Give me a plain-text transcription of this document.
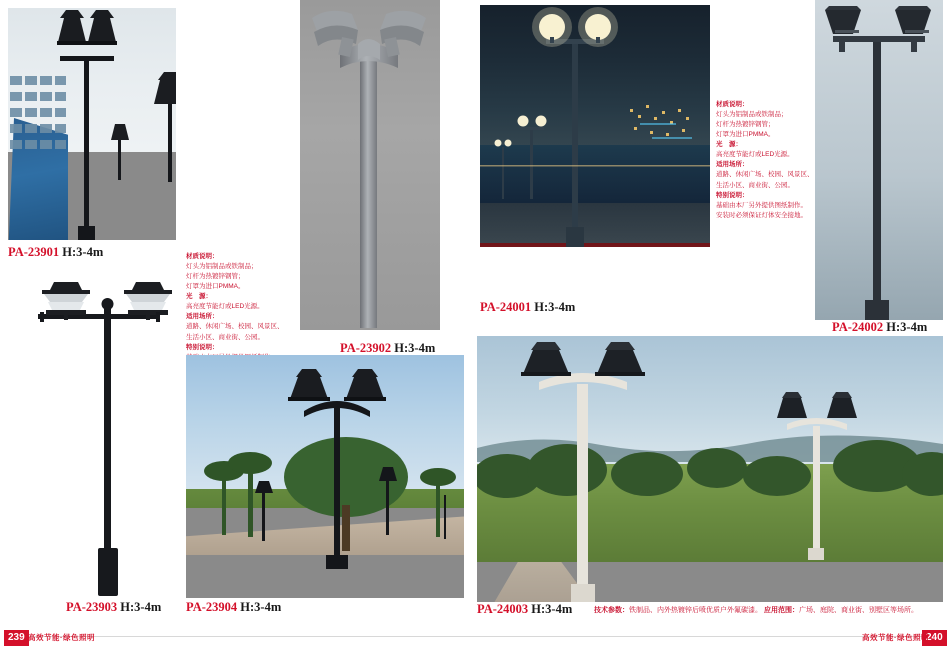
PA-23901 H:3-4m	材质说明：

灯头为铝制品或铁制品；

灯杆为热镀锌钢管；

灯罩为进口PMMA。

光　源：

高亮度节能灯或LED光源。

适用场所：

道路、休闲广场、校园、风景区、

生活小区、商业街、公园。

特别说明：	PA-23902 H:3-4m
PA-24001 H:3-4m
PA-24002 H:3-4m

材质说明：

灯头为铝制品或铁制品；

灯杆为热镀锌钢管；

灯罩为进口PMMA。

光　源：

高亮度节能灯或LED光源。

适用场所：

道路、休闲广场、校园、风景区、

生活小区、商业街、公园。

特别说明：

基础由本厂另外提供图纸制作。

安装时必须保证灯体安全接地。

PA-23903 H:3-4m PA-23904 H:3-4m	PA-24003 H:3-4m	技术参数：铁制品、内外热镀锌后喷优质户外氟碳漆。 应用范围：广场、庭院、商业街、别墅区等场所。
239 高效节能·绿色照明	240
高效节能·绿色照明
